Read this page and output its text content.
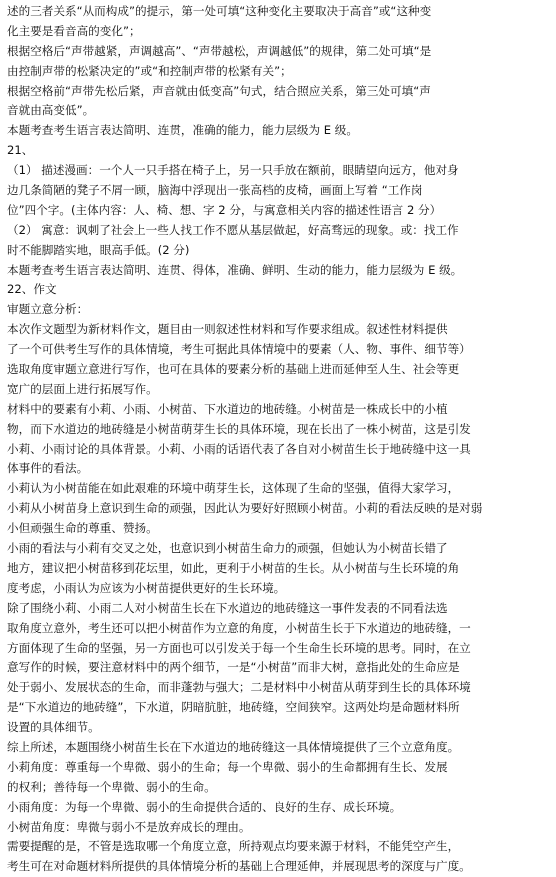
述的三者关系“从而构成”的提示，第一处可填“这种变化主要取决于高音”或“这种变
化主要是看音高的变化”；
根据空格后“声带越紧，声调越高”、“声带越松，声调越低”的规律，第二处可填“是
由控制声带的松紧决定的”或“和控制声带的松紧有关”；
根据空格前“声带先松后紧，声音就由低变高”句式，结合照应关系，第三处可填“声
音就由高变低”。
本题考查考生语言表达简明、连贯，准确的能力，能力层级为 E 级。
21、
（1） 描述漫画：一个人一只手搭在椅子上，另一只手放在额前，眼睛望向远方，他对身
边几条简陋的凳子不屑一顾，脑海中浮现出一张高档的皮椅，画面上写着 “工作岗
位”四个字。(主体内容：人、椅、想、字 2 分，与寓意相关内容的描述性语言 2 分）
（2） 寓意：讽刺了社会上一些人找工作不愿从基层做起，好高骛远的现象。或：找工作
时不能脚踏实地，眼高手低。(2 分)
本题考查考生语言表达简明、连贯、得体，准确、鲜明、生动的能力，能力层级为 E 级。
22、作文
审题立意分析：
本次作文题型为新材料作文，题目由一则叙述性材料和写作要求组成。叙述性材料提供
了一个可供考生写作的具体情境，考生可据此具体情境中的要素（人、物、事件、细节等）
选取角度审题立意进行写作，也可在具体的要素分析的基础上进而延伸至人生、社会等更
宽广的层面上进行拓展写作。
材料中的要素有小莉、小雨、小树苗、下水道边的地砖缝。小树苗是一株成长中的小植
物，而下水道边的地砖缝是小树苗萌芽生长的具体环境，现在长出了一株小树苗，这是引发
小莉、小雨讨论的具体背景。小莉、小雨的话语代表了各自对小树苗生长于地砖缝中这一具
体事件的看法。
小莉认为小树苗能在如此艰难的环境中萌芽生长，这体现了生命的坚强，值得大家学习，
小莉从小树苗身上意识到生命的顽强，因此认为要好好照顾小树苗。小莉的看法反映的是对弱
小但顽强生命的尊重、赞扬。
小雨的看法与小莉有交叉之处，也意识到小树苗生命力的顽强，但她认为小树苗长错了
地方，建议把小树苗移到花坛里，如此，更利于小树苗的生长。从小树苗与生长环境的角
度考虑，小雨认为应该为小树苗提供更好的生长环境。
除了围绕小莉、小雨二人对小树苗生长在下水道边的地砖缝这一事件发表的不同看法选
取角度立意外，考生还可以把小树苗作为立意的角度，小树苗生长于下水道边的地砖缝，一
方面体现了生命的坚强，另一方面也可以引发关于每一个生命生长环境的思考。同时，在立
意写作的时候，要注意材料中的两个细节，一是“小树苗”而非大树，意指此处的生命应是
处于弱小、发展状态的生命，而非蓬勃与强大；二是材料中小树苗从萌芽到生长的具体环境
是“下水道边的地砖缝”，下水道，阴暗肮脏，地砖缝，空间狭窄。这两处均是命题材料所
设置的具体细节。
综上所述，本题围绕小树苗生长在下水道边的地砖缝这一具体情境提供了三个立意角度。
小莉角度：尊重每一个卑微、弱小的生命；每一个卑微、弱小的生命都拥有生长、发展
的权利；善待每一个卑微、弱小的生命。
小雨角度：为每一个卑微、弱小的生命提供合适的、良好的生存、成长环境。
小树苗角度：卑微与弱小不是放弃成长的理由。
需要提醒的是，不管是选取哪一个角度立意，所持观点均要来源于材料，不能凭空产生，
考生可在对命题材料所提供的具体情境分析的基础上合理延伸，并展现思考的深度与广度。
